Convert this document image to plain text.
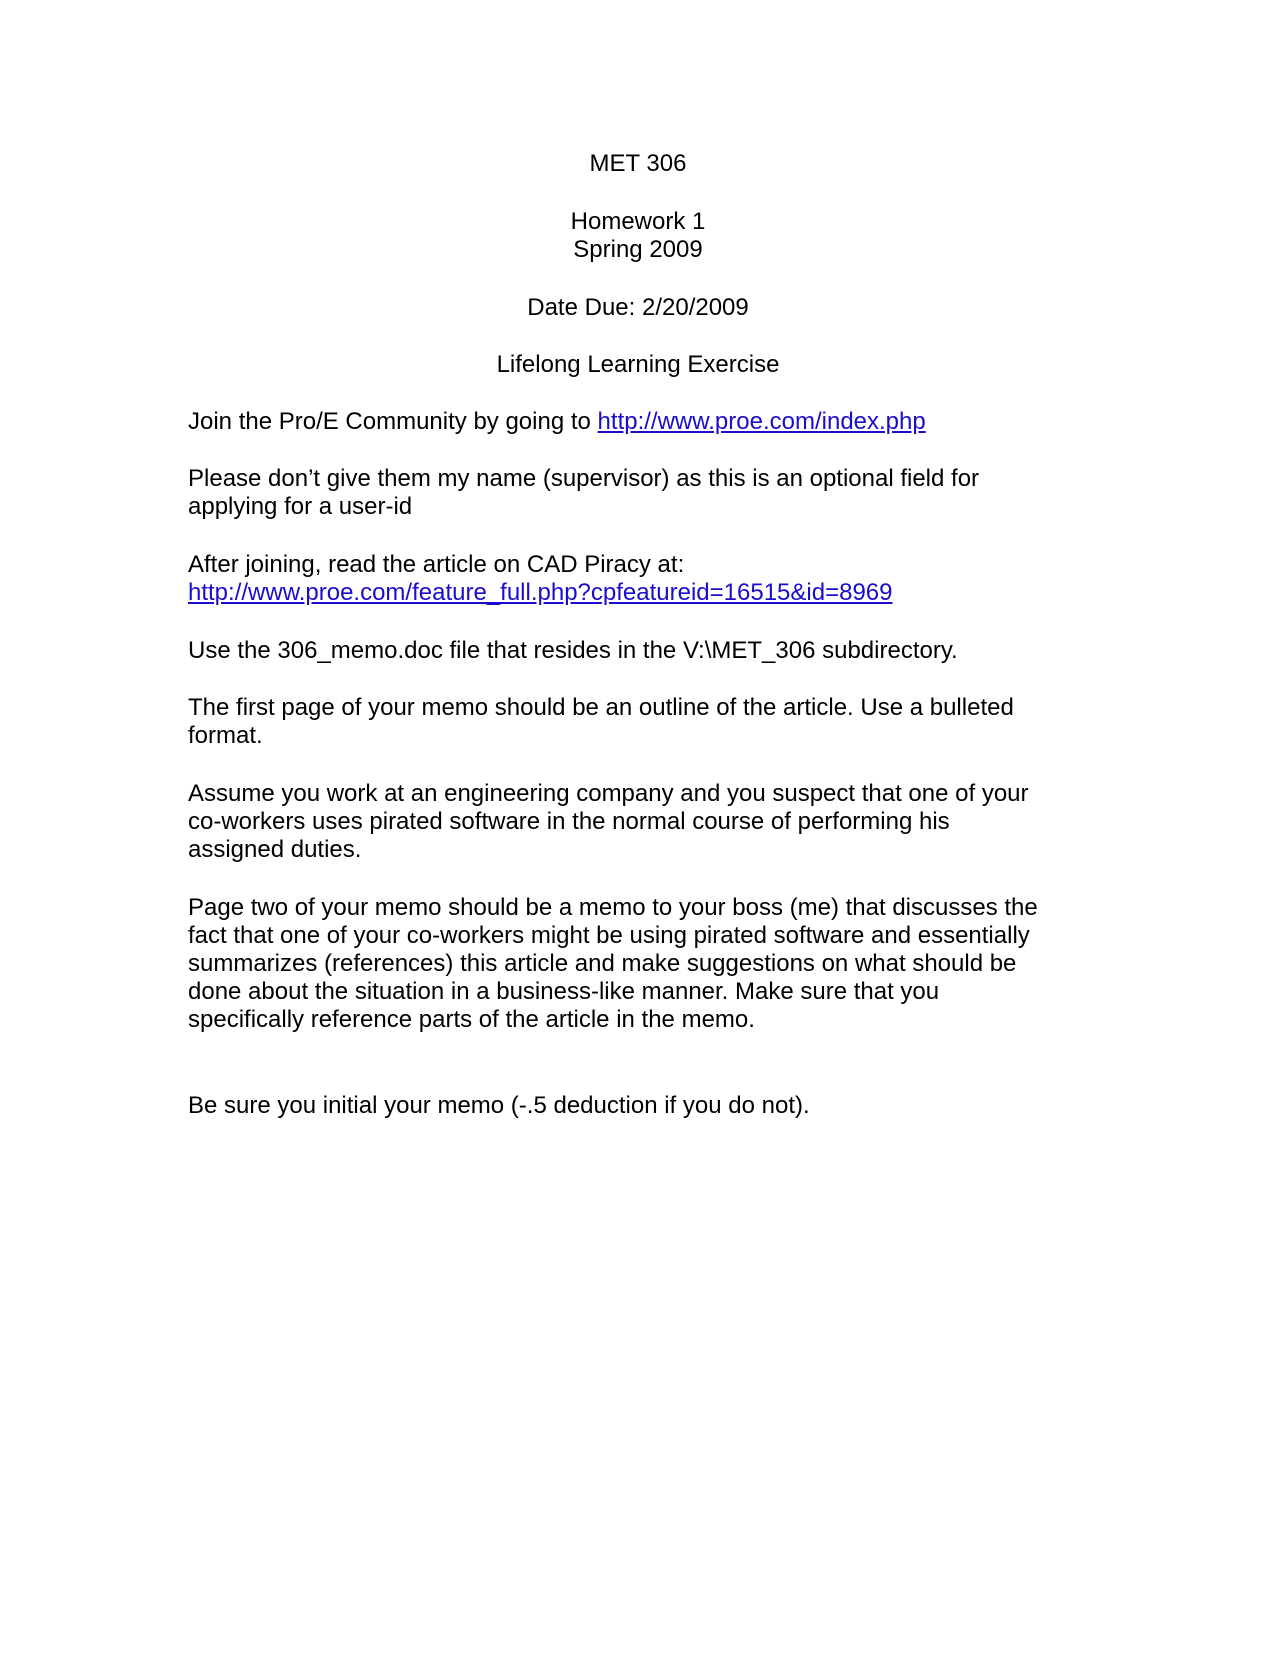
MET 306
Homework 1
Spring 2009
Date Due: 2/20/2009
Lifelong Learning Exercise
Join the Pro/E Community by going to http://www.proe.com/index.php
Please don’t give them my name (supervisor) as this is an optional field for
applying for a user-id
After joining, read the article on CAD Piracy at:
http://www.proe.com/feature_full.php?cpfeatureid=16515&id=8969
Use the 306_memo.doc file that resides in the V:\MET_306 subdirectory.
The first page of your memo should be an outline of the article. Use a bulleted
format.
Assume you work at an engineering company and you suspect that one of your
co-workers uses pirated software in the normal course of performing his
assigned duties.
Page two of your memo should be a memo to your boss (me) that discusses the
fact that one of your co-workers might be using pirated software and essentially
summarizes (references) this article and make suggestions on what should be
done about the situation in a business-like manner. Make sure that you
specifically reference parts of the article in the memo.
Be sure you initial your memo (-.5 deduction if you do not).
